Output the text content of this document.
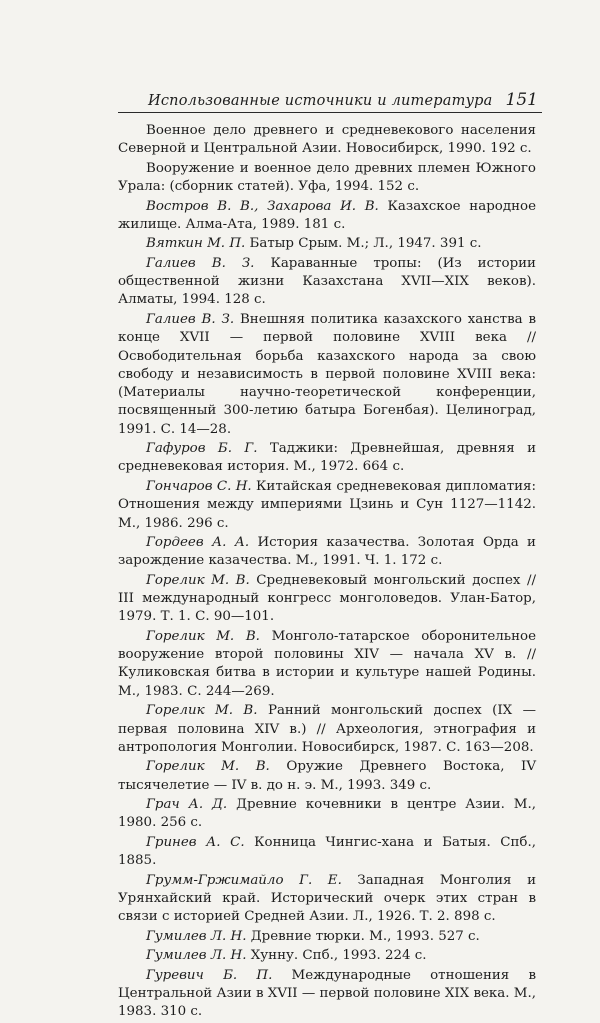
Использованные источники и литература 151

Военное дело древнего и средневекового населения Северной и Центральной Азии. Новосибирск, 1990. 192 с.

Вооружение и военное дело древних племен Южного Урала: (сборник статей). Уфа, 1994. 152 с.

Востров В. В., Захарова И. В. Казахское народное жилище. Алма-Ата, 1989. 181 с.

Вяткин М. П. Батыр Срым. М.; Л., 1947. 391 с.

Галиев В. З. Караванные тропы: (Из истории общественной жизни Казахстана XVII—XIX веков). Алматы, 1994. 128 с.

Галиев В. З. Внешняя политика казахского ханства в конце XVII — первой половине XVIII века // Освободительная борьба казахского народа за свою свободу и независимость в первой половине XVIII века: (Материалы научно-теоретической конференции, посвященный 300-летию батыра Богенбая). Целиноград, 1991. С. 14—28.

Гафуров Б. Г. Таджики: Древнейшая, древняя и средневековая история. М., 1972. 664 с.

Гончаров С. Н. Китайская средневековая дипломатия: Отношения между империями Цзинь и Сун 1127—1142. М., 1986. 296 с.

Гордеев А. А. История казачества. Золотая Орда и зарождение казачества. М., 1991. Ч. 1. 172 с.

Горелик М. В. Средневековый монгольский доспех // III международный конгресс монголоведов. Улан-Батор, 1979. Т. 1. С. 90—101.

Горелик М. В. Монголо-татарское оборонительное вооружение второй половины XIV — начала XV в. // Куликовская битва в истории и культуре нашей Родины. М., 1983. С. 244—269.

Горелик М. В. Ранний монгольский доспех (IX — первая половина XIV в.) // Археология, этнография и антропология Монголии. Новосибирск, 1987. С. 163—208.

Горелик М. В. Оружие Древнего Востока, IV тысячелетие — IV в. до н. э. М., 1993. 349 с.

Грач А. Д. Древние кочевники в центре Азии. М., 1980. 256 с.

Гринев А. С. Конница Чингис-хана и Батыя. Спб., 1885.

Грумм-Гржимайло Г. Е. Западная Монголия и Урянхайский край. Исторический очерк этих стран в связи с историей Средней Азии. Л., 1926. Т. 2. 898 с.

Гумилев Л. Н. Древние тюрки. М., 1993. 527 с.

Гумилев Л. Н. Хунну. Спб., 1993. 224 с.

Гуревич Б. П. Международные отношения в Центральной Азии в XVII — первой половине XIX века. М., 1983. 310 с.
